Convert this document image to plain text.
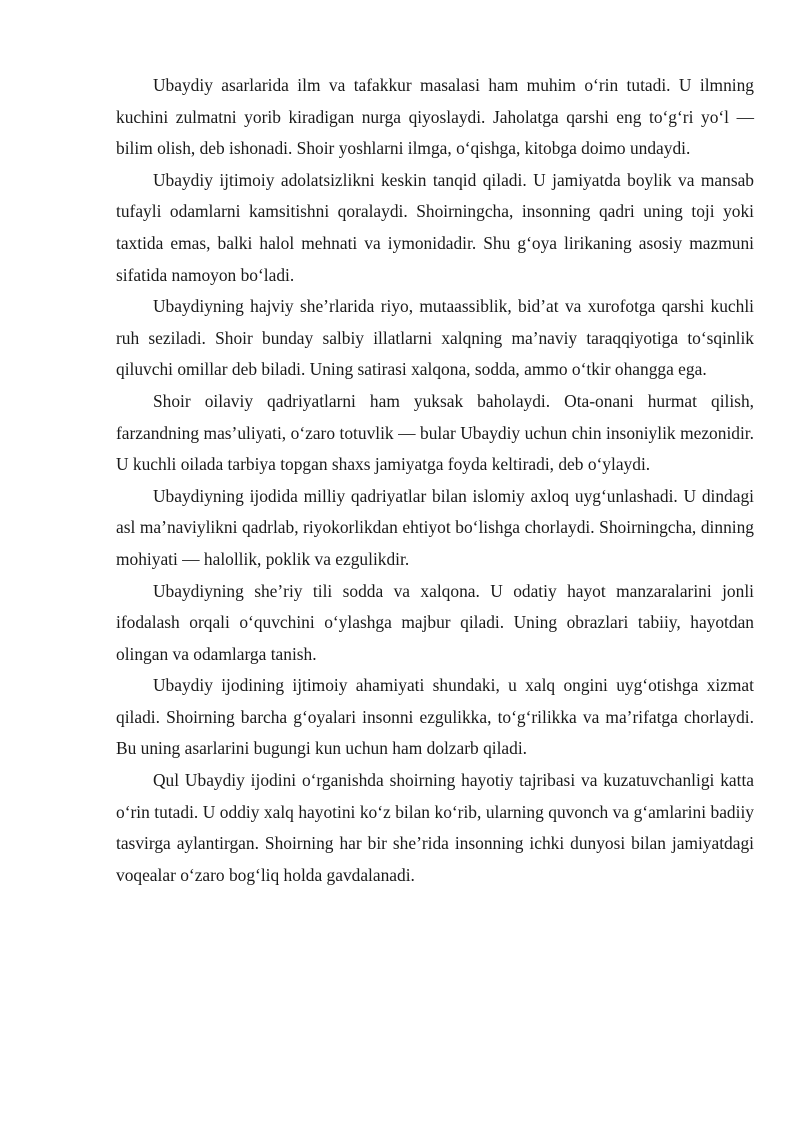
Ubaydiy asarlarida ilm va tafakkur masalasi ham muhim o‘rin tutadi. U ilmning kuchini zulmatni yorib kiradigan nurga qiyoslaydi. Jaholatga qarshi eng to‘g‘ri yo‘l — bilim olish, deb ishonadi. Shoir yoshlarni ilmga, o‘qishga, kitobga doimo undaydi.

Ubaydiy ijtimoiy adolatsizlikni keskin tanqid qiladi. U jamiyatda boylik va mansab tufayli odamlarni kamsitishni qoralaydi. Shoirningcha, insonning qadri uning toji yoki taxtida emas, balki halol mehnati va iymonidadir. Shu g‘oya lirikaning asosiy mazmuni sifatida namoyon bo‘ladi.

Ubaydiyning hajviy she’rlarida riyo, mutaassiblik, bid’at va xurofotga qarshi kuchli ruh seziladi. Shoir bunday salbiy illatlarni xalqning ma’naviy taraqqiyotiga to‘sqinlik qiluvchi omillar deb biladi. Uning satirasi xalqona, sodda, ammo o‘tkir ohangga ega.

Shoir oilaviy qadriyatlarni ham yuksak baholaydi. Ota-onani hurmat qilish, farzandning mas’uliyati, o‘zaro totuvlik — bular Ubaydiy uchun chin insoniylik mezonidir. U kuchli oilada tarbiya topgan shaxs jamiyatga foyda keltiradi, deb o‘ylaydi.

Ubaydiyning ijodida milliy qadriyatlar bilan islomiy axloq uyg‘unlashadi. U dindagi asl ma’naviylikni qadrlab, riyokorlikdan ehtiyot bo‘lishga chorlaydi. Shoirningcha, dinning mohiyati — halollik, poklik va ezgulikdir.

Ubaydiyning she’riy tili sodda va xalqona. U odatiy hayot manzaralarini jonli ifodalash orqali o‘quvchini o‘ylashga majbur qiladi. Uning obrazlari tabiiy, hayotdan olingan va odamlarga tanish.

Ubaydiy ijodining ijtimoiy ahamiyati shundaki, u xalq ongini uyg‘otishga xizmat qiladi. Shoirning barcha g‘oyalari insonni ezgulikka, to‘g‘rilikka va ma’rifatga chorlaydi. Bu uning asarlarini bugungi kun uchun ham dolzarb qiladi.

Qul Ubaydiy ijodini o‘rganishda shoirning hayotiy tajribasi va kuzatuvchanligi katta o‘rin tutadi. U oddiy xalq hayotini ko‘z bilan ko‘rib, ularning quvonch va g‘amlarini badiiy tasvirga aylantirgan. Shoirning har bir she’rida insonning ichki dunyosi bilan jamiyatdagi voqealar o‘zaro bog‘liq holda gavdalanadi.
